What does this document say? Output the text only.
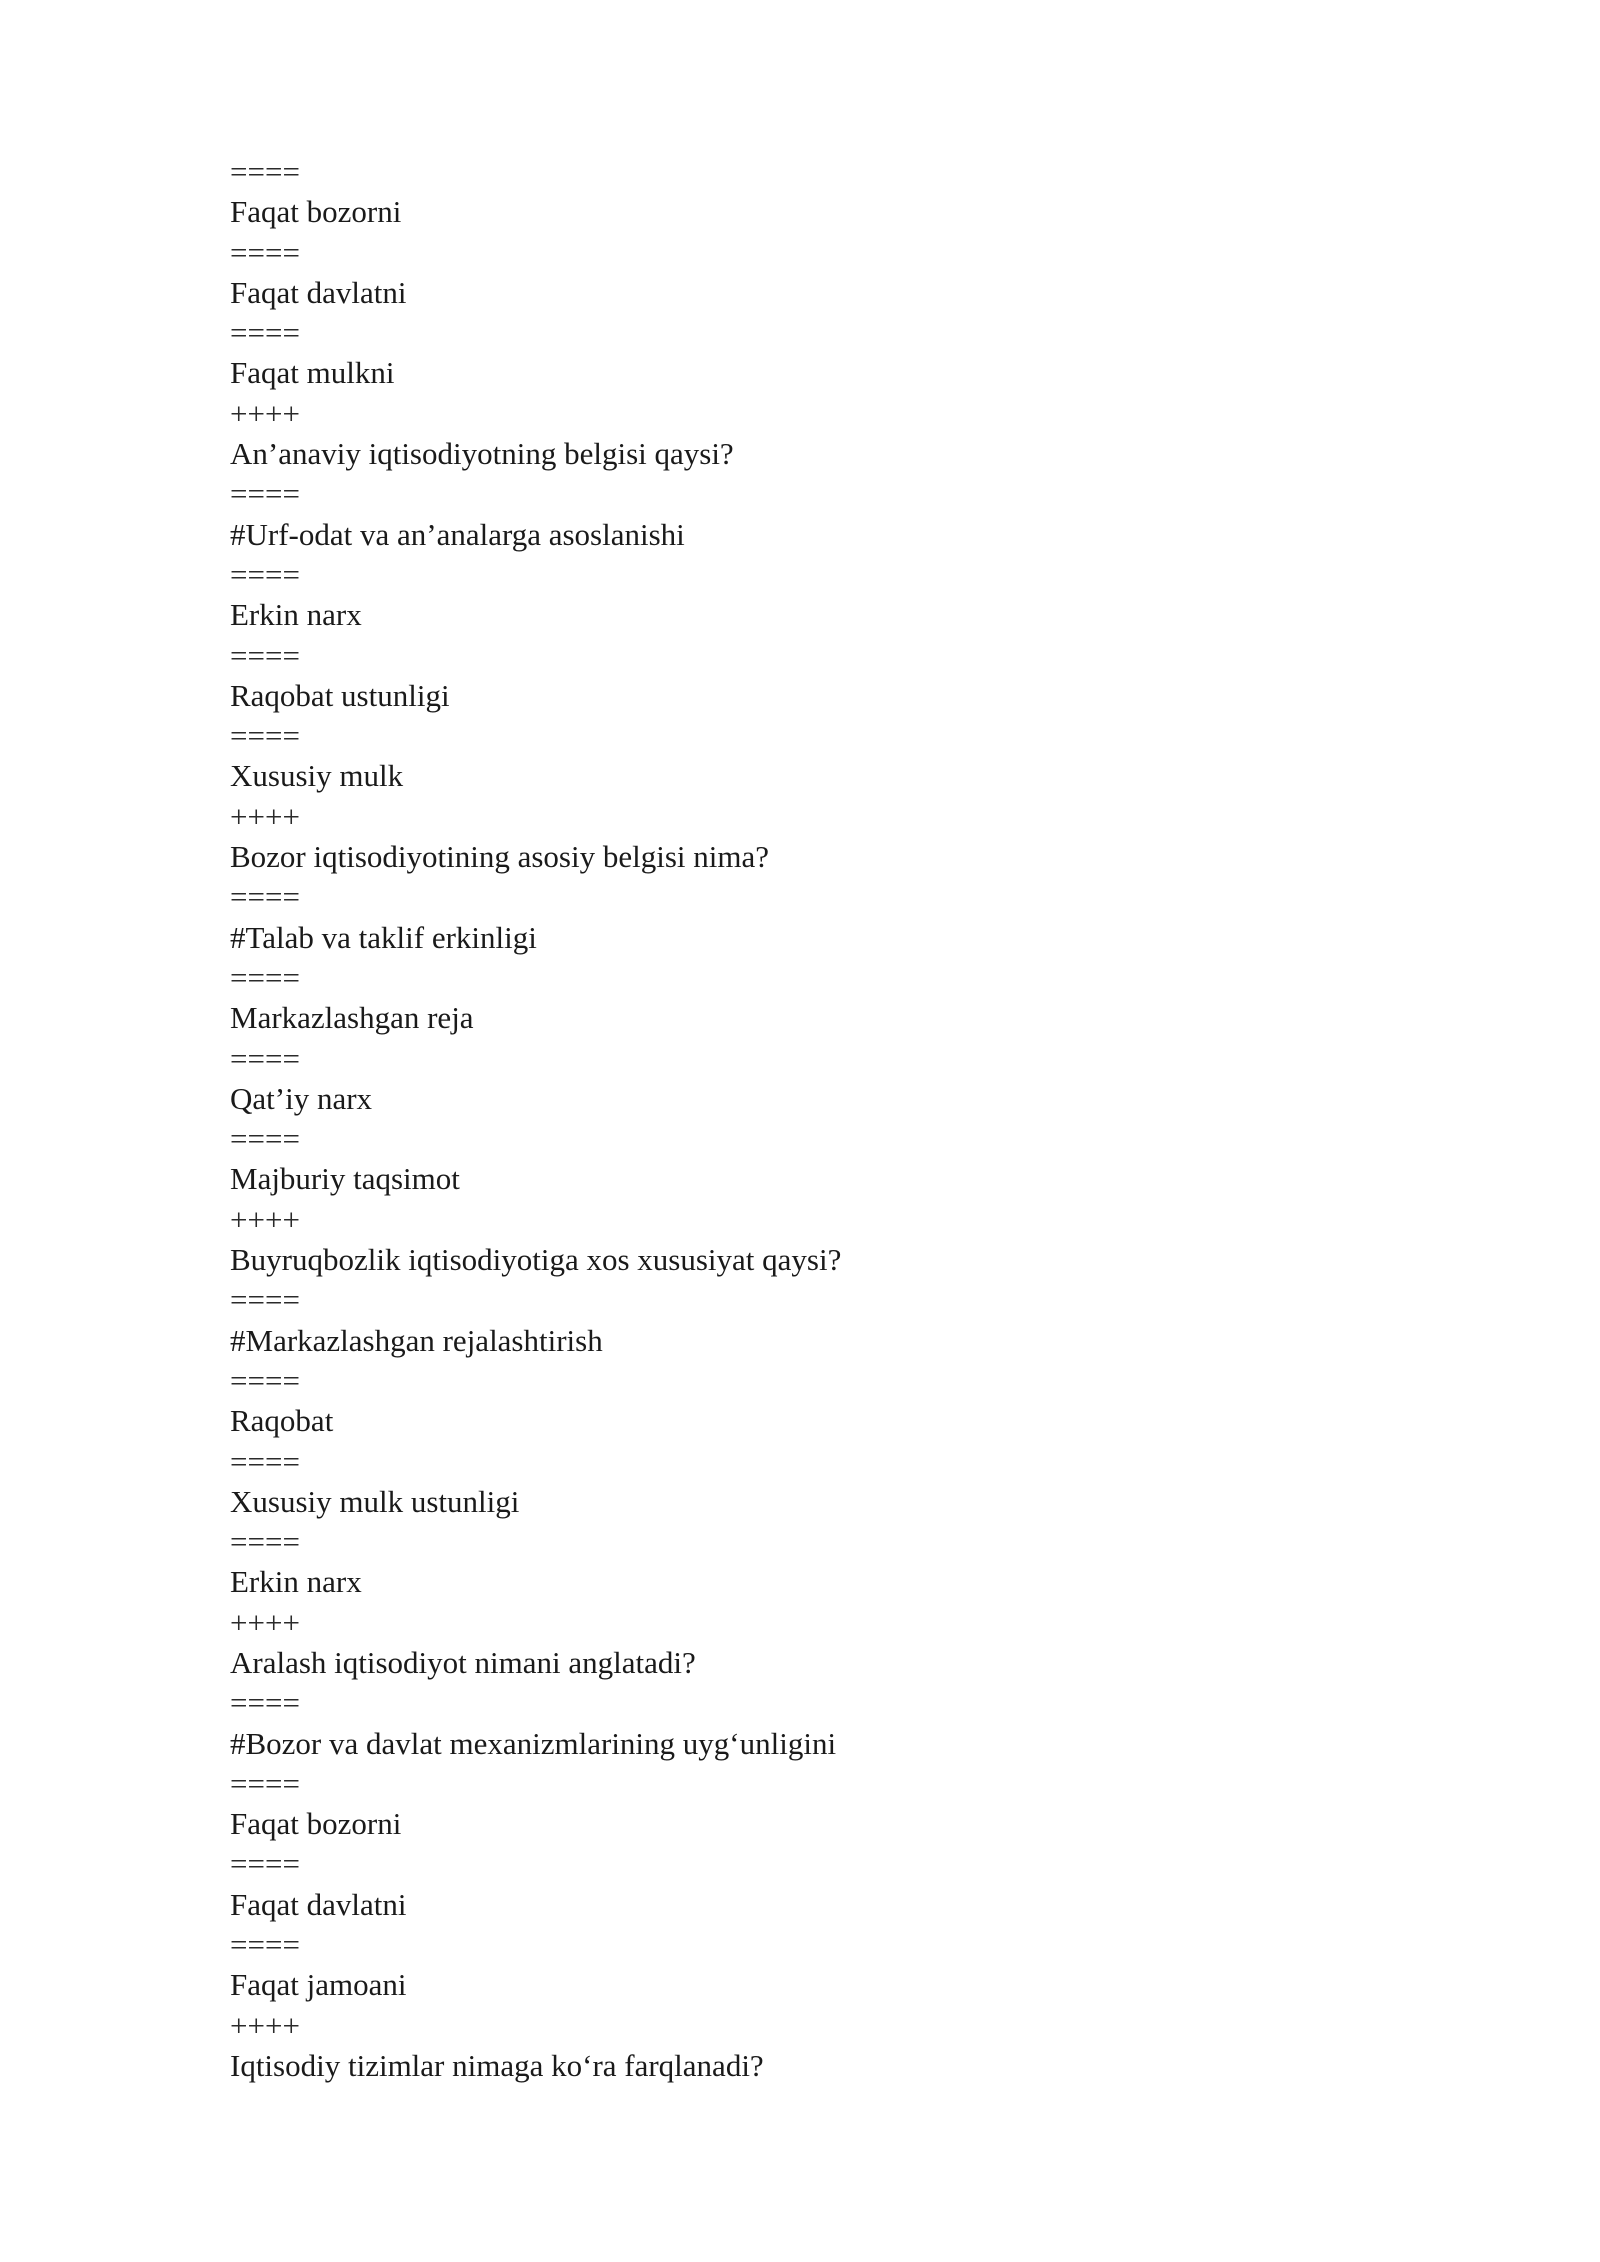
====

Faqat bozorni

====

Faqat davlatni

====

Faqat mulkni

++++

An’anaviy iqtisodiyotning belgisi qaysi?

====

#Urf-odat va an’analarga asoslanishi

====

Erkin narx

====

Raqobat ustunligi

====

Xususiy mulk

++++

Bozor iqtisodiyotining asosiy belgisi nima?

====

#Talab va taklif erkinligi

====

Markazlashgan reja

====

Qat’iy narx

====

Majburiy taqsimot

++++

Buyruqbozlik iqtisodiyotiga xos xususiyat qaysi?

====

#Markazlashgan rejalashtirish

====

Raqobat

====

Xususiy mulk ustunligi

====

Erkin narx

++++

Aralash iqtisodiyot nimani anglatadi?

====

#Bozor va davlat mexanizmlarining uyg‘unligini

====

Faqat bozorni

====

Faqat davlatni

====

Faqat jamoani

++++

Iqtisodiy tizimlar nimaga ko‘ra farqlanadi?
